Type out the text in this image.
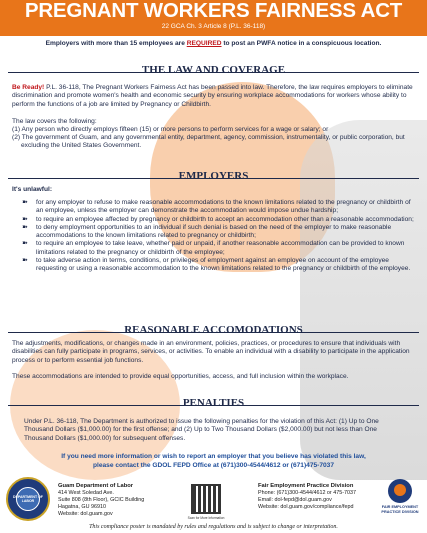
PREGNANT WORKERS FAIRNESS ACT
22 GCA Ch. 3 Article 8 (P.L. 36-118)
Employers with more than 15 employees are REQUIRED to post an PWFA notice in a conspicuous location.
THE LAW AND COVERAGE
Be Ready! P.L. 36-118, The Pregnant Workers Fairness Act has been passed into law. Therefore, the law requires employers to eliminate discrimination and promote women's health and economic security by ensuring workplace accommodations for workers whose ability to perform the functions of a job are limited by Pregnancy or Childbirth.
The law covers the following:
(1) Any person who directly employs fifteen (15) or more persons to perform services for a wage or salary; or
(2) The government of Guam, and any governmental entity, department, agency, commission, instrumentality, or public corporation, but excluding the United States Government.
EMPLOYERS
It's unlawful:
➽ for any employer to refuse to make reasonable accommodations to the known limitations related to the pregnancy or childbirth of an employee, unless the employer can demonstrate the accommodation would impose undue hardship;
➽ to require an employee affected by pregnancy or childbirth to accept an accommodation other than a reasonable accommodation;
➽ to deny employment opportunities to an individual if such denial is based on the need of the employer to make reasonable accommodations to the known limitations related to pregnancy or childbirth;
➽ to require an employee to take leave, whether paid or unpaid, if another reasonable accommodation can be provided to known limitations related to the pregnancy or childbirth of the employee;
➽ to take adverse action in terms, conditions, or privileges of employment against an employee on account of the employee requesting or using a reasonable accommodation to the known limitations related to the pregnancy or childbirth of the employee.
REASONABLE ACCOMODATIONS
The adjustments, modifications, or changes made in an environment, policies, practices, or procedures to ensure that individuals with disabilities can fully participate in programs, services, or activities. To enable an individual with a disability to participate in the application process or to perform essential job functions.
These accommodations are intended to provide equal opportunities, access, and full inclusion within the workplace.
PENALTIES
Under P.L. 36-118, The Department is authorized to issue the following penalties for the violation of this Act: (1) Up to One Thousand Dollars ($1,000.00) for the first offense; and (2) Up to Two Thousand Dollars ($2,000.00) but not less than One Thousand Dollars ($1,000.00) for subsequent offenses.
If you need more information or wish to report an employer that you believe has violated this law,
please contact the GDOL FEPD Office at (671)300-4544/4612 or (671)475-7037
DEPARTMENT OF LABOR
Guam Department of Labor
414 West Soledad Ave.
Suite 808 (8th Floor), GCIC Building
Hagatna, GU 96910
Website: dol.guam.gov
Scan for More Information
Fair Employment Practice Division
Phone: (671)300-4544/4612 or 475-7037
Email: dol-fepd@dol.guam.gov
Website: dol.guam.gov/compliance/fepd	FAIR EMPLOYMENT PRACTICE DIVISION
This compliance poster is mandated by rules and regulations and is subject to change or interpretation.
